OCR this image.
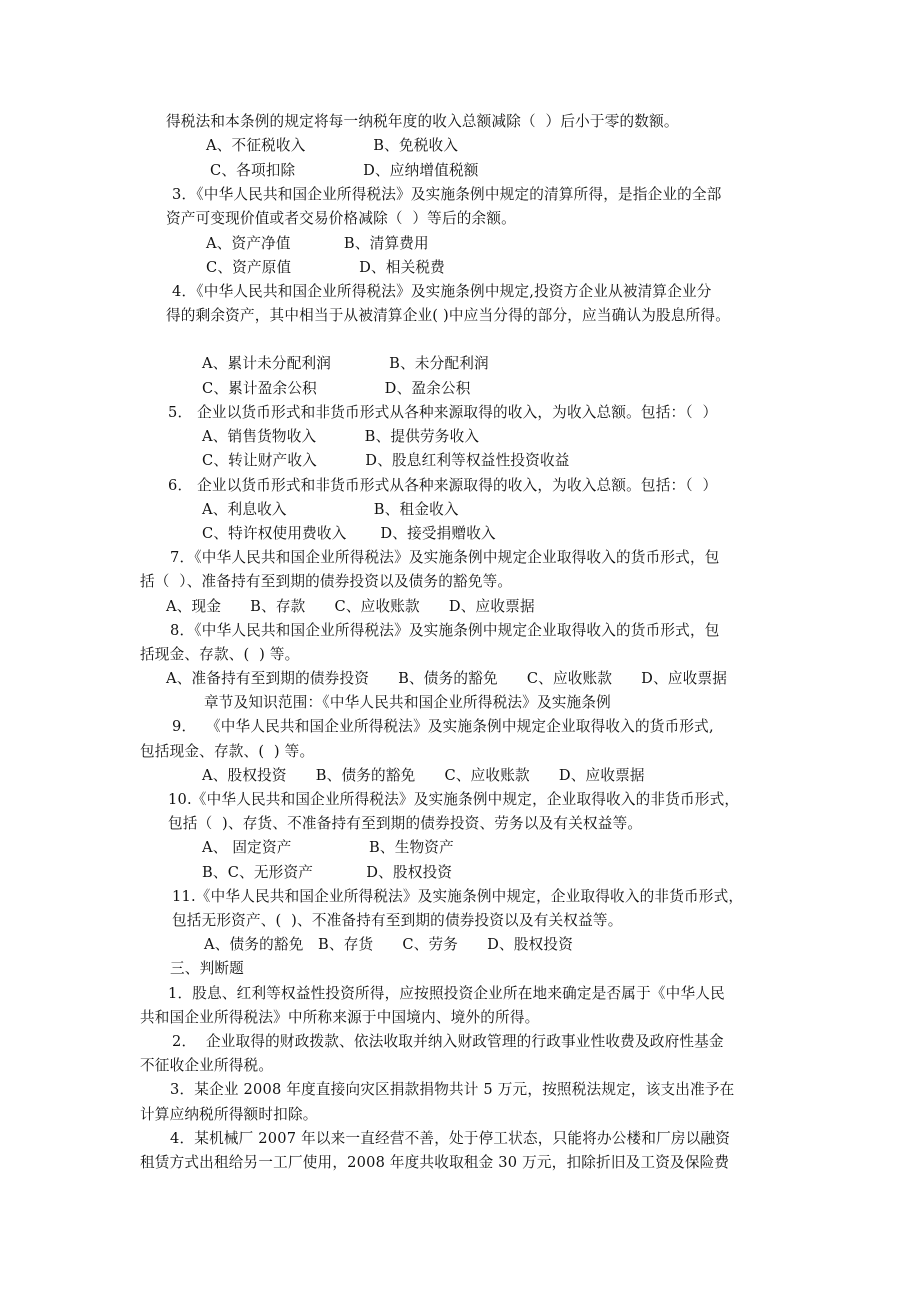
得税法和本条例的规定将每一纳税年度的收入总额减除（  ）后小于零的数额。
A、不征税收入              B、免税收入
C、各项扣除              D、应纳增值税额
3．《中华人民共和国企业所得税法》及实施条例中规定的清算所得，是指企业的全部
资产可变现价值或者交易价格减除（  ）等后的余额。
A、资产净值           B、清算费用
C、资产原值              D、相关税费
4．《中华人民共和国企业所得税法》及实施条例中规定,投资方企业从被清算企业分
得的剩余资产，其中相当于从被清算企业( )中应当分得的部分，应当确认为股息所得。
A、累计未分配利润            B、未分配利润
C、累计盈余公积              D、盈余公积
5． 企业以货币形式和非货币形式从各种来源取得的收入，为收入总额。包括：（  ）
A、销售货物收入          B、提供劳务收入
C、转让财产收入          D、股息红利等权益性投资收益
6． 企业以货币形式和非货币形式从各种来源取得的收入，为收入总额。包括：（  ）
A、利息收入                  B、租金收入
C、特许权使用费收入       D、接受捐赠收入
7．《中华人民共和国企业所得税法》及实施条例中规定企业取得收入的货币形式，包
括（  ）、准备持有至到期的债券投资以及债务的豁免等。
A、现金      B、存款      C、应收账款      D、应收票据
8．《中华人民共和国企业所得税法》及实施条例中规定企业取得收入的货币形式，包
括现金、存款、(  ) 等。
A、准备持有至到期的债券投资      B、债务的豁免      C、应收账款      D、应收票据
章节及知识范围：《中华人民共和国企业所得税法》及实施条例
9．  《中华人民共和国企业所得税法》及实施条例中规定企业取得收入的货币形式,
包括现金、存款、(  ) 等。
A、股权投资      B、债务的豁免      C、应收账款      D、应收票据
10.《中华人民共和国企业所得税法》及实施条例中规定，企业取得收入的非货币形式，
包括（  )、存货、不准备持有至到期的债券投资、劳务以及有关权益等。
A、 固定资产                B、生物资产
B、C、无形资产           D、股权投资
11.《中华人民共和国企业所得税法》及实施条例中规定，企业取得收入的非货币形式，
包括无形资产、(  )、不准备持有至到期的债券投资以及有关权益等。
A、债务的豁免   B、存货      C、劳务      D、股权投资
三、判断题
1．股息、红利等权益性投资所得，应按照投资企业所在地来确定是否属于《中华人民
共和国企业所得税法》中所称来源于中国境内、境外的所得。
2．  企业取得的财政拨款、依法收取并纳入财政管理的行政事业性收费及政府性基金
不征收企业所得税。
3．某企业 2008 年度直接向灾区捐款捐物共计 5 万元，按照税法规定，该支出准予在
计算应纳税所得额时扣除。
4．某机械厂 2007 年以来一直经营不善，处于停工状态，只能将办公楼和厂房以融资
租赁方式出租给另一工厂使用，2008 年度共收取租金 30 万元，扣除折旧及工资及保险费
